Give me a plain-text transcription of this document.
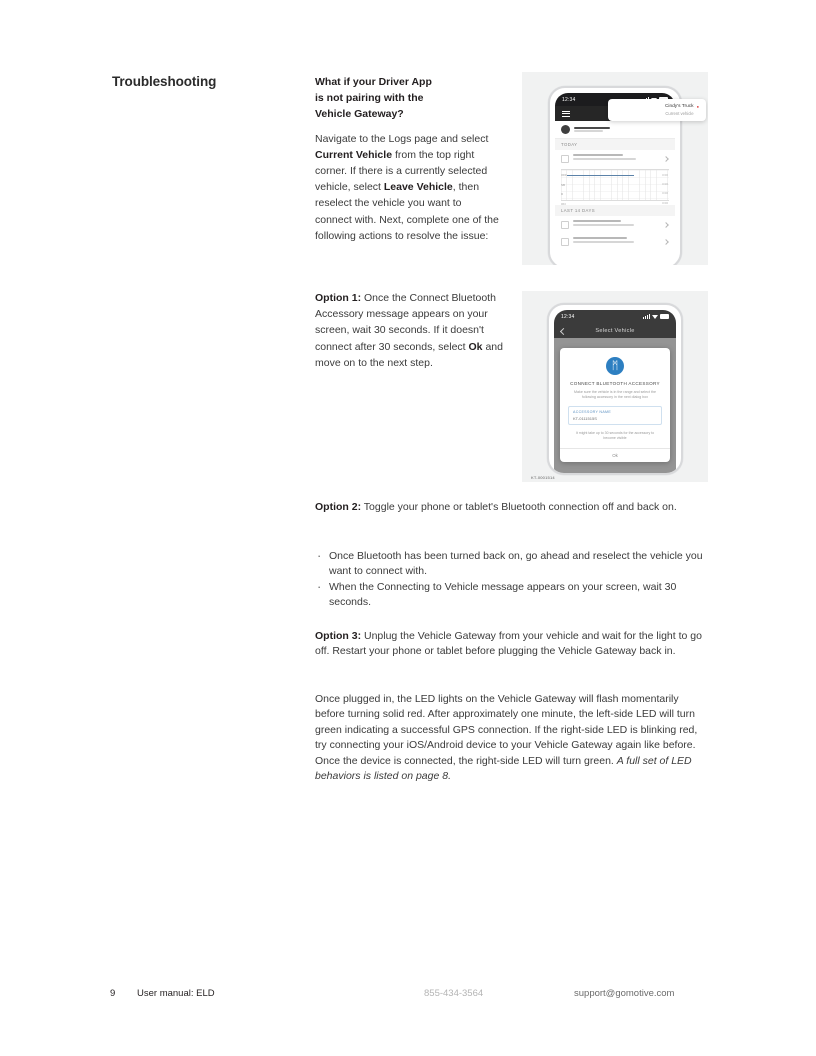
Troubleshooting	What if your Driver App
is not pairing with the
Vehicle Gateway?

Navigate to the Logs page and select Current Vehicle from the top right corner. If there is a currently selected vehicle, select Leave Vehicle, then reselect the vehicle you want to connect with. Next, complete one of the following actions to resolve the issue:

Option 1: Once the Connect Bluetooth Accessory message appears on your screen, wait 30 seconds. If it doesn't connect after 30 seconds, select Ok and move on to the next step.

Option 2: Toggle your phone or tablet's Bluetooth connection off and back on.

· Once Bluetooth has been turned back on, go ahead and reselect the vehicle you want to connect with.
· When the Connecting to Vehicle message appears on your screen, wait 30 seconds.

Option 3: Unplug the Vehicle Gateway from your vehicle and wait for the light to go off. Restart your phone or tablet before plugging the Vehicle Gateway back in.

Once plugged in, the LED lights on the Vehicle Gateway will flash momentarily before turning solid red. After approximately one minute, the left-side LED will turn green indicating a successful GPS connection. If the right-side LED is blinking red, try connecting your iOS/Android device to your Vehicle Gateway again like before. Once the device is connected, the right-side LED will turn green. A full set of LED behaviors is listed on page 8.

12:34
TODAY
OFF
SB
D
ON
0:00
0:00
0:00
0:00
LAST 14 DAYS
Cindy's Truck ●
Current vehicle
12:34
Select Vehicle
ᛗ
CONNECT BLUETOOTH ACCESSORY
Make sure the vehicle is in the range and select the following accessory in the next dialog box
ACCESSORY NAME
KT-0111515S
It might take up to 30 seconds for the accessory to become visible
Ok
KT-0001514
9 User manual: ELD	855-434-3564	support@gomotive.com
